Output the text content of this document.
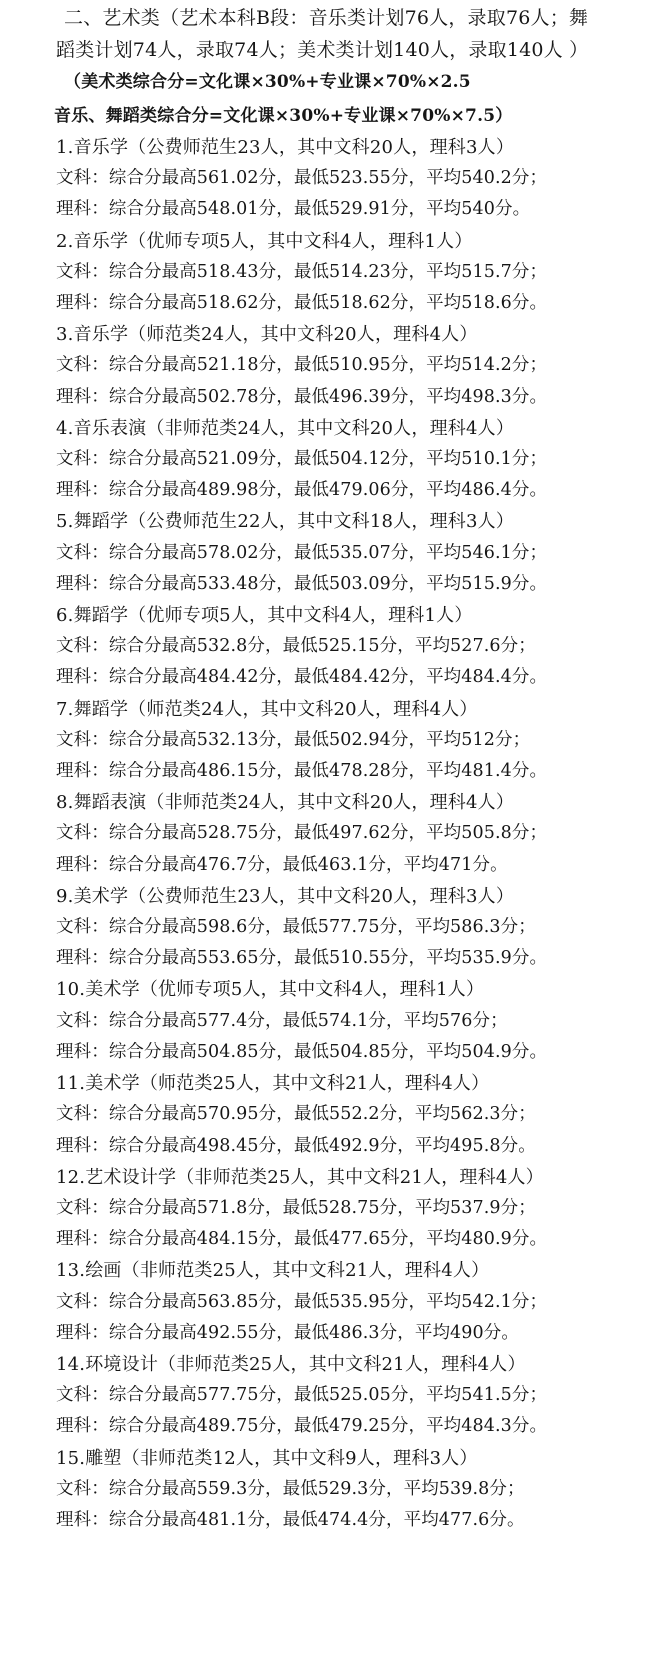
二、艺术类（艺术本科B段：音乐类计划76人，录取76人；舞
蹈类计划74人，录取74人；美术类计划140人，录取140人 ）
（美术类综合分=文化课×30%+专业课×70%×2.5
音乐、舞蹈类综合分=文化课×30%+专业课×70%×7.5）
1.音乐学（公费师范生23人，其中文科20人，理科3人）
文科：综合分最高561.02分，最低523.55分，平均540.2分；
理科：综合分最高548.01分，最低529.91分，平均540分。
2.音乐学（优师专项5人，其中文科4人，理科1人）
文科：综合分最高518.43分，最低514.23分，平均515.7分；
理科：综合分最高518.62分，最低518.62分，平均518.6分。
3.音乐学（师范类24人，其中文科20人，理科4人）
文科：综合分最高521.18分，最低510.95分，平均514.2分；
理科：综合分最高502.78分，最低496.39分，平均498.3分。
4.音乐表演（非师范类24人，其中文科20人，理科4人）
文科：综合分最高521.09分，最低504.12分，平均510.1分；
理科：综合分最高489.98分，最低479.06分，平均486.4分。
5.舞蹈学（公费师范生22人，其中文科18人，理科3人）
文科：综合分最高578.02分，最低535.07分，平均546.1分；
理科：综合分最高533.48分，最低503.09分，平均515.9分。
6.舞蹈学（优师专项5人，其中文科4人，理科1人）
文科：综合分最高532.8分，最低525.15分，平均527.6分；
理科：综合分最高484.42分，最低484.42分，平均484.4分。
7.舞蹈学（师范类24人，其中文科20人，理科4人）
文科：综合分最高532.13分，最低502.94分，平均512分；
理科：综合分最高486.15分，最低478.28分，平均481.4分。
8.舞蹈表演（非师范类24人，其中文科20人，理科4人）
文科：综合分最高528.75分，最低497.62分，平均505.8分；
理科：综合分最高476.7分，最低463.1分，平均471分。
9.美术学（公费师范生23人，其中文科20人，理科3人）
文科：综合分最高598.6分，最低577.75分，平均586.3分；
理科：综合分最高553.65分，最低510.55分，平均535.9分。
10.美术学（优师专项5人，其中文科4人，理科1人）
文科：综合分最高577.4分，最低574.1分，平均576分；
理科：综合分最高504.85分，最低504.85分，平均504.9分。
11.美术学（师范类25人，其中文科21人，理科4人）
文科：综合分最高570.95分，最低552.2分，平均562.3分；
理科：综合分最高498.45分，最低492.9分，平均495.8分。
12.艺术设计学（非师范类25人，其中文科21人，理科4人）
文科：综合分最高571.8分，最低528.75分，平均537.9分；
理科：综合分最高484.15分，最低477.65分，平均480.9分。
13.绘画（非师范类25人，其中文科21人，理科4人）
文科：综合分最高563.85分，最低535.95分，平均542.1分；
理科：综合分最高492.55分，最低486.3分，平均490分。
14.环境设计（非师范类25人，其中文科21人，理科4人）
文科：综合分最高577.75分，最低525.05分，平均541.5分；
理科：综合分最高489.75分，最低479.25分，平均484.3分。
15.雕塑（非师范类12人，其中文科9人，理科3人）
文科：综合分最高559.3分，最低529.3分，平均539.8分；
理科：综合分最高481.1分，最低474.4分，平均477.6分。
